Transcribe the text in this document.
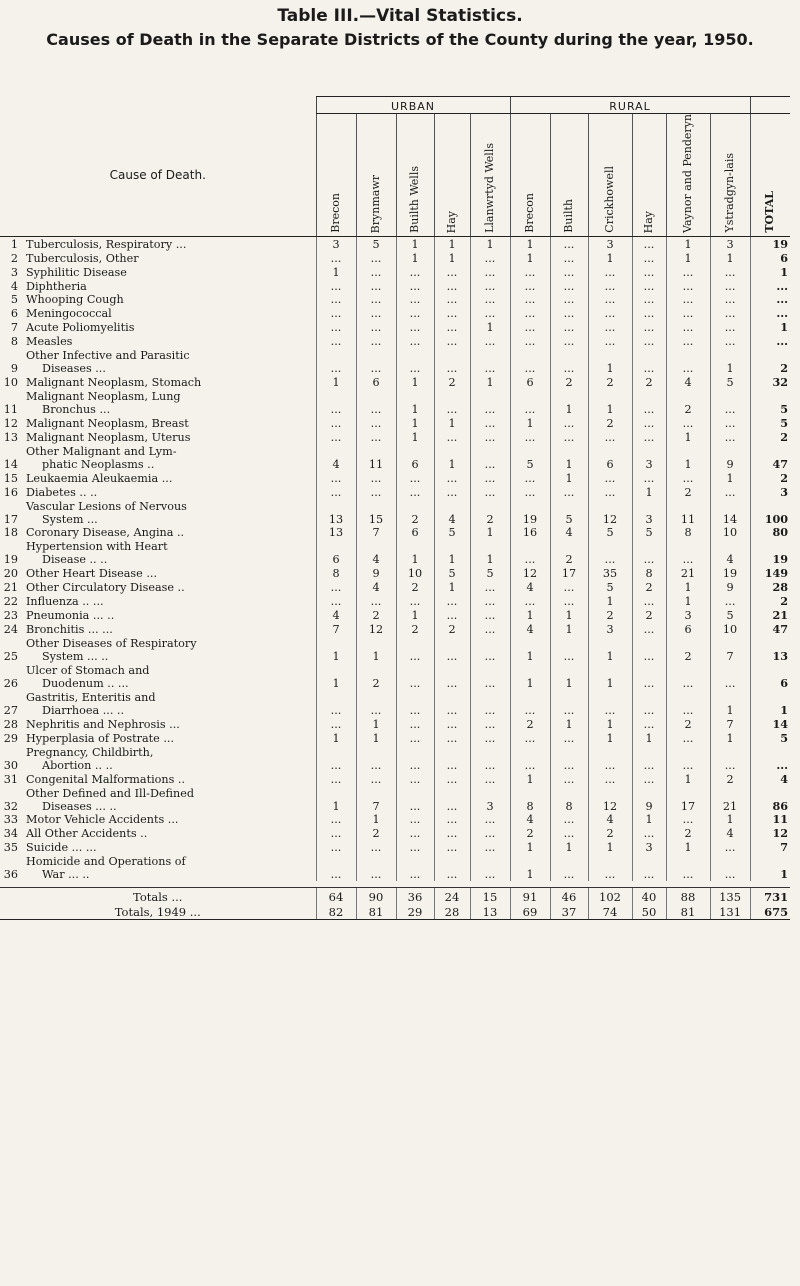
Table III.—Vital Statistics.
Causes of Death in the Separate Districts of the County during the year, 1950.
		URBAN					RURAL						
Cause of Death.		Brecon	Brynmawr	Builth Wells	Hay	Llanwrtyd Wells	Brecon	Builth	Crickhowell	Hay	Vaynor and Penderyn	Ystradgyn-lais	TOTAL
1	Tuberculosis, Respiratory ...	3	5	1	1	1	1	...	3	...	1	3	19
2	Tuberculosis, Other	...	...	1	1	...	1	...	1	...	1	1	6
3	Syphilitic Disease	1	...	...	...	...	...	...	...	...	...	...	1
4	Diphtheria	...	...	...	...	...	...	...	...	...	...	...	...
5	Whooping Cough	...	...	...	...	...	...	...	...	...	...	...	...
6	Meningococcal	...	...	...	...	...	...	...	...	...	...	...	...
7	Acute Poliomyelitis	...	...	...	...	1	...	...	...	...	...	...	1
8	Measles	...	...	...	...	...	...	...	...	...	...	...	...
9	Other Infective and Parasitic
Diseases ...	...	...	...	...	...	...	...	1	...	...	1	2
10	Malignant Neoplasm, Stomach	1	6	1	2	1	6	2	2	2	4	5	32
11	Malignant Neoplasm, Lung
Bronchus ...	...	...	1	...	...	...	1	1	...	2	...	5
12	Malignant Neoplasm, Breast	...	...	1	1	...	1	...	2	...	...	...	5
13	Malignant Neoplasm, Uterus	...	...	1	...	...	...	...	...	...	1	...	2
14	Other Malignant and Lym-
phatic Neoplasms ..	4	11	6	1	...	5	1	6	3	1	9	47
15	Leukaemia Aleukaemia ...	...	...	...	...	...	...	1	...	...	...	1	2
16	Diabetes .. ..	...	...	...	...	...	...	...	...	1	2	...	3
17	Vascular Lesions of Nervous
System ...	13	15	2	4	2	19	5	12	3	11	14	100
18	Coronary Disease, Angina ..	13	7	6	5	1	16	4	5	5	8	10	80
19	Hypertension with Heart
Disease .. ..	6	4	1	1	1	...	2	...	...	...	4	19
20	Other Heart Disease ...	8	9	10	5	5	12	17	35	8	21	19	149
21	Other Circulatory Disease ..	...	4	2	1	...	4	...	5	2	1	9	28
22	Influenza .. ...	...	...	...	...	...	...	...	1	...	1	...	2
23	Pneumonia ... ..	4	2	1	...	...	1	1	2	2	3	5	21
24	Bronchitis ... ...	7	12	2	2	...	4	1	3	...	6	10	47
25	Other Diseases of Respiratory
System ... ..	1	1	...	...	...	1	...	1	...	2	7	13
26	Ulcer of Stomach and
Duodenum .. ...	1	2	...	...	...	1	1	1	...	...	...	6
27	Gastritis, Enteritis and
Diarrhoea ... ..	...	...	...	...	...	...	...	...	...	...	1	1
28	Nephritis and Nephrosis ...	...	1	...	...	...	2	1	1	...	2	7	14
29	Hyperplasia of Postrate ...	1	1	...	...	...	...	...	1	1	...	1	5
30	Pregnancy, Childbirth,
Abortion .. ..	...	...	...	...	...	...	...	...	...	...	...	...
31	Congenital Malformations ..	...	...	...	...	...	1	...	...	...	1	2	4
32	Other Defined and Ill-Defined
Diseases ... ..	1	7	...	...	3	8	8	12	9	17	21	86
33	Motor Vehicle Accidents ...	...	1	...	...	...	4	...	4	1	...	1	11
34	All Other Accidents ..	...	2	...	...	...	2	...	2	...	2	4	12
35	Suicide ... ...	...	...	...	...	...	1	1	1	3	1	...	7
36	Homicide and Operations of
War ... ..	...	...	...	...	...	1	...	...	...	...	...	1

Totals ...		64	90	36	24	15	91	46	102	40	88	135	731
Totals, 1949 ...		82	81	29	28	13	69	37	74	50	81	131	675
